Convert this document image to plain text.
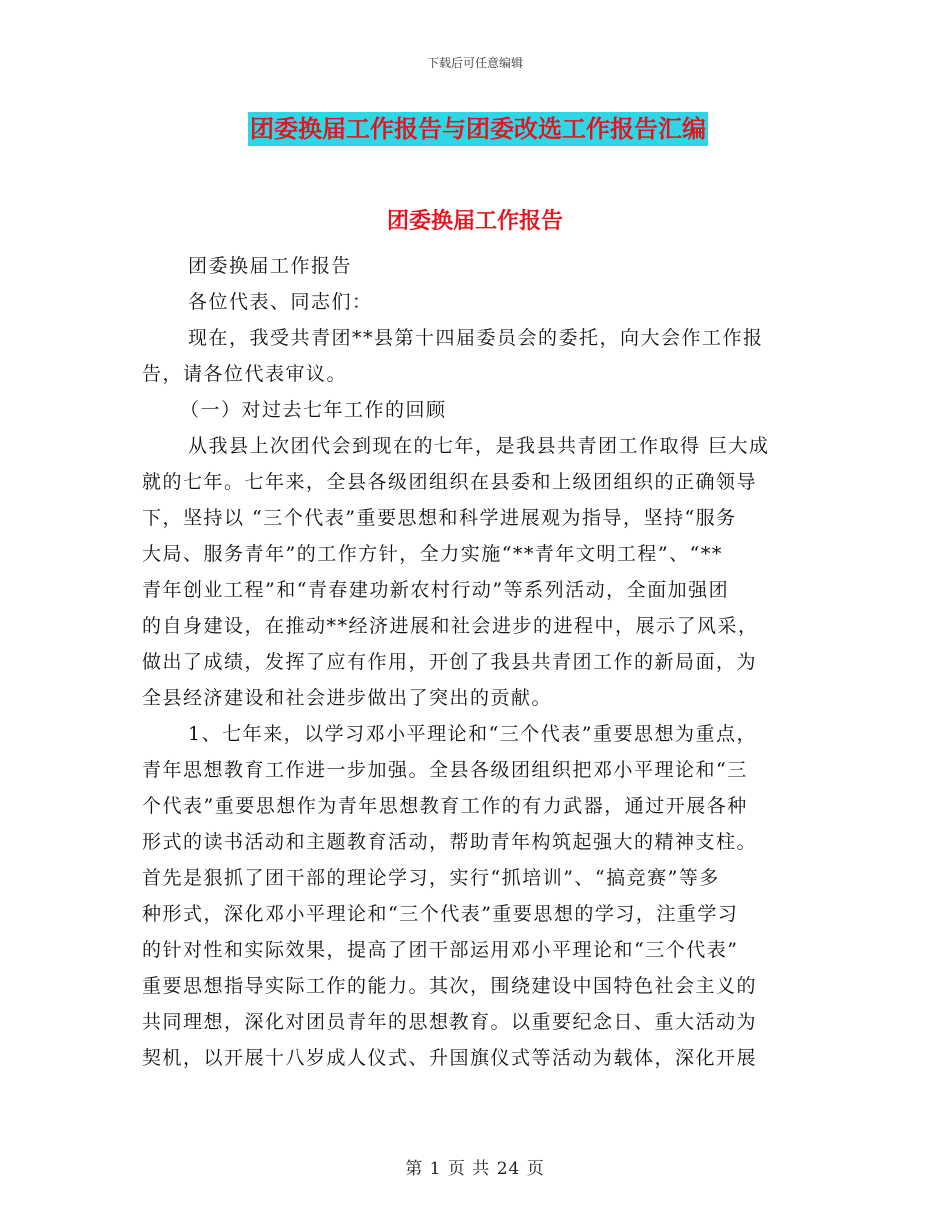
下载后可任意编辑
团委换届工作报告与团委改选工作报告汇编
团委换届工作报告
团委换届工作报告
各位代表、同志们：
现在，我受共青团**县第十四届委员会的委托，向大会作工作报
告，请各位代表审议。
（一）对过去七年工作的回顾
从我县上次团代会到现在的七年，是我县共青团工作取得 巨大成
就的七年。七年来，全县各级团组织在县委和上级团组织的正确领导
下，坚持以 “三个代表”重要思想和科学进展观为指导，坚持“服务
大局、服务青年”的工作方针，全力实施“**青年文明工程”、“**
青年创业工程”和“青春建功新农村行动”等系列活动，全面加强团
的自身建设，在推动**经济进展和社会进步的进程中，展示了风采，
做出了成绩，发挥了应有作用，开创了我县共青团工作的新局面，为
全县经济建设和社会进步做出了突出的贡献。
1、七年来，以学习邓小平理论和“三个代表”重要思想为重点，
青年思想教育工作进一步加强。全县各级团组织把邓小平理论和“三
个代表”重要思想作为青年思想教育工作的有力武器，通过开展各种
形式的读书活动和主题教育活动，帮助青年构筑起强大的精神支柱。
首先是狠抓了团干部的理论学习，实行“抓培训”、“搞竞赛”等多
种形式，深化邓小平理论和“三个代表”重要思想的学习，注重学习
的针对性和实际效果，提高了团干部运用邓小平理论和“三个代表”
重要思想指导实际工作的能力。其次，围绕建设中国特色社会主义的
共同理想，深化对团员青年的思想教育。以重要纪念日、重大活动为
契机，以开展十八岁成人仪式、升国旗仪式等活动为载体，深化开展
第 1 页 共 24 页
